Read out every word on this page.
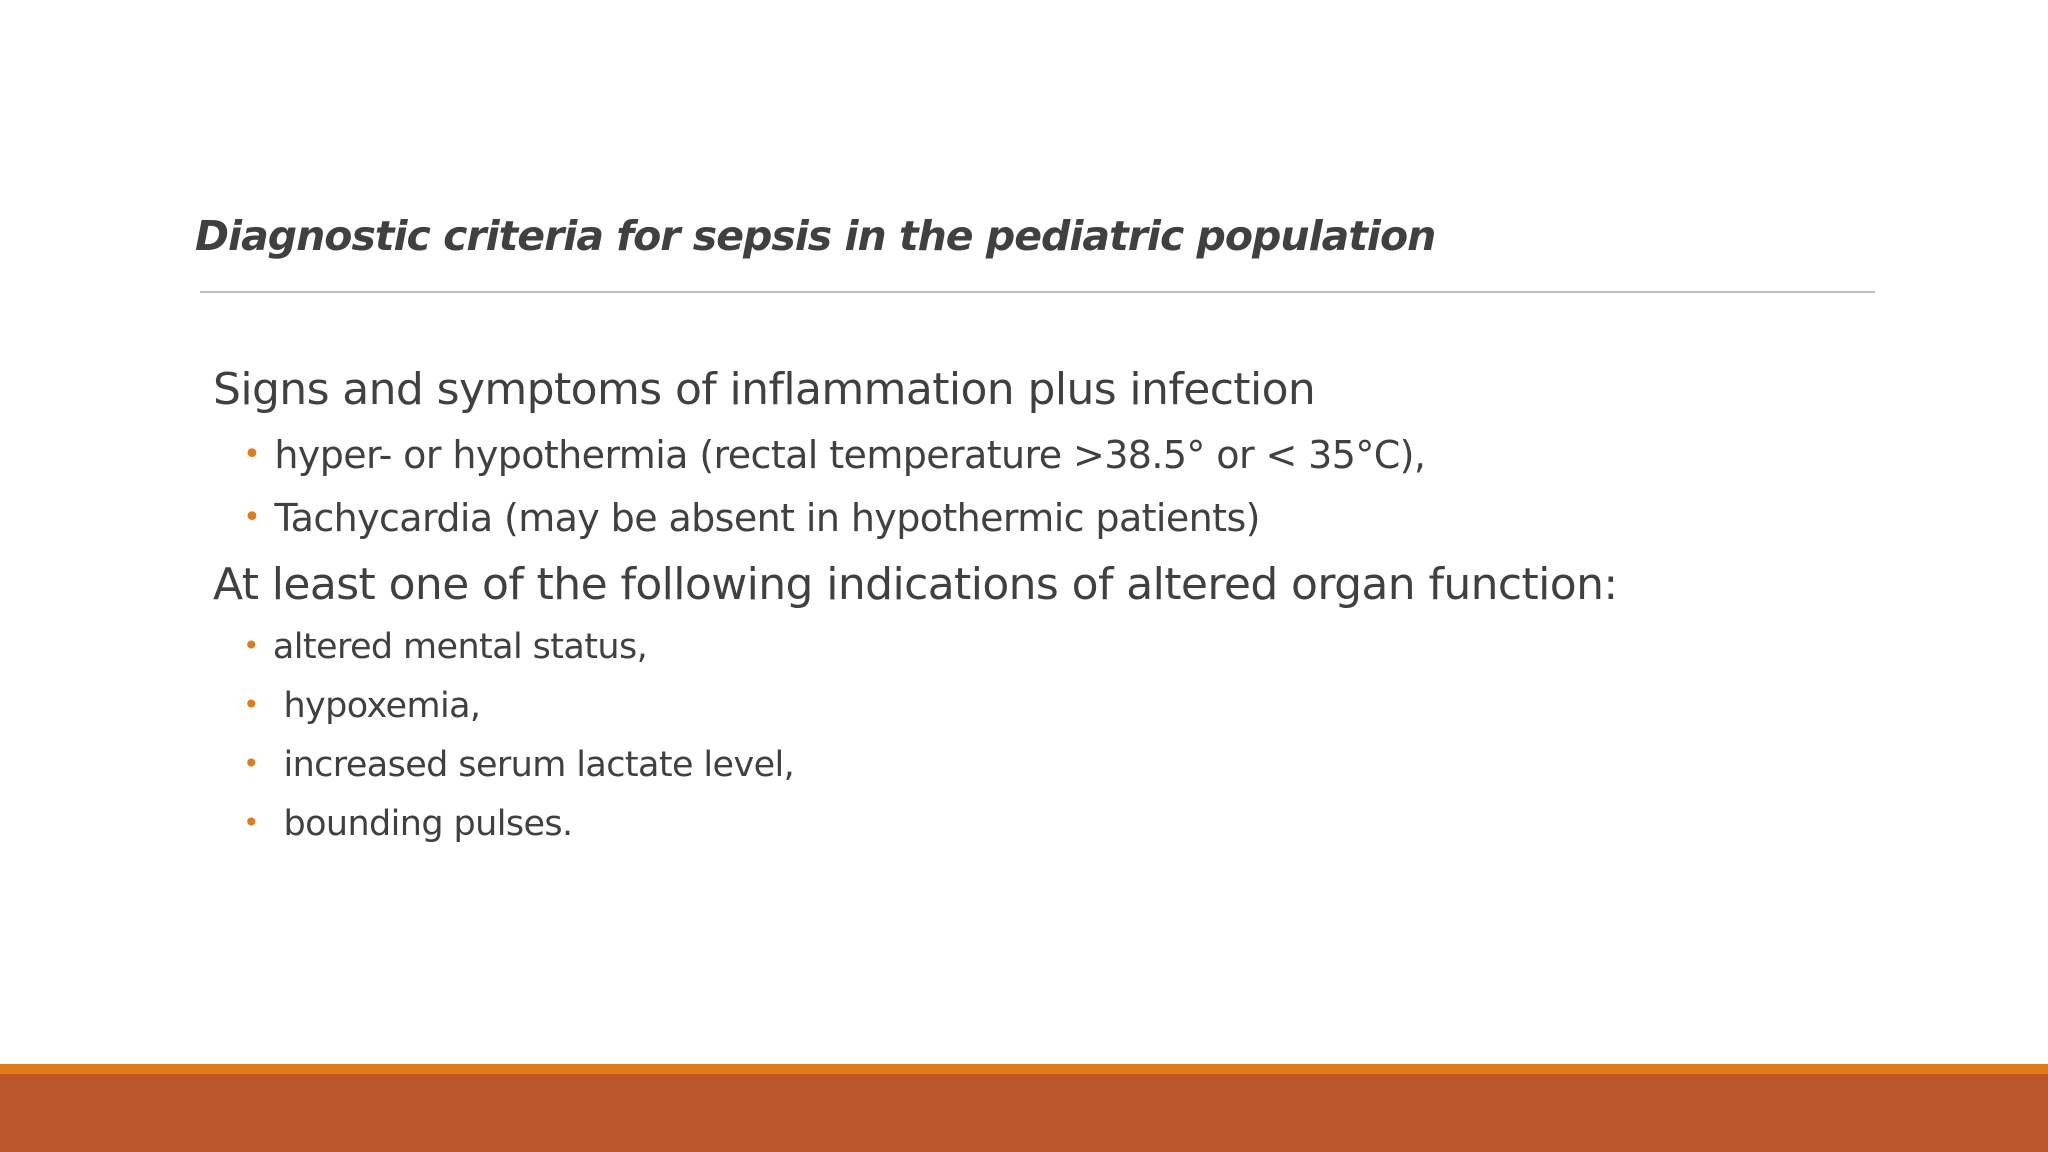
Diagnostic criteria for sepsis in the pediatric population
Signs and symptoms of inflammation plus infection
• hyper- or hypothermia (rectal temperature >38.5° or < 35°C),
• Tachycardia (may be absent in hypothermic patients)
At least one of the following indications of altered organ function:
• altered mental status,
• hypoxemia,
• increased serum lactate level,
• bounding pulses.
